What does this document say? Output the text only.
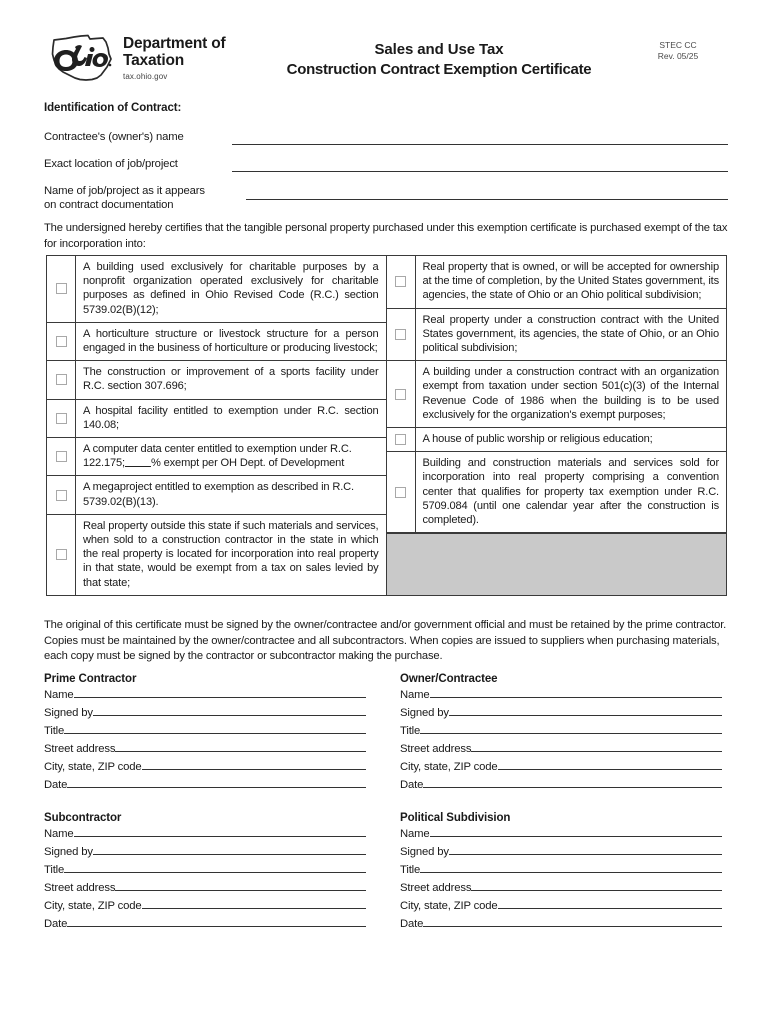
Department of
Taxation
tax.ohio.gov
Sales and Use Tax
Construction Contract Exemption Certificate
STEC CC
Rev. 05/25
Identification of Contract:
Contractee's (owner's) name
Exact location of job/project
Name of job/project as it appears
on contract documentation
The undersigned hereby certifies that the tangible personal property purchased under this exemption certificate is purchased exempt of the tax for incorporation into:
A building used exclusively for charitable purposes by a nonprofit organization operated exclusively for charitable purposes as defined in Ohio Revised Code (R.C.) section 5739.02(B)(12);
A horticulture structure or livestock structure for a person engaged in the business of horticulture or producing livestock;
The construction or improvement of a sports facility under R.C. section 307.696;
A hospital facility entitled to exemption under R.C. section 140.08;
A computer data center entitled to exemption under R.C. 122.175; % exempt per OH Dept. of Development
A megaproject entitled to exemption as described in R.C. 5739.02(B)(13).
Real property outside this state if such materials and services, when sold to a construction contractor in the state in which the real property is located for incorporation into real property in that state, would be exempt from a tax on sales levied by that state;
Real property that is owned, or will be accepted for ownership at the time of completion, by the United States government, its agencies, the state of Ohio or an Ohio political subdivision;
Real property under a construction contract with the United States government, its agencies, the state of Ohio, or an Ohio political subdivision;
A building under a construction contract with an organization exempt from taxation under section 501(c)(3) of the Internal Revenue Code of 1986 when the building is to be used exclusively for the organization's exempt purposes;
A house of public worship or religious education;
Building and construction materials and services sold for incorporation into real property comprising a convention center that qualifies for property tax exemption under R.C. 5709.084 (until one calendar year after the construction is completed).
The original of this certificate must be signed by the owner/contractee and/or government official and must be retained by the prime contractor. Copies must be maintained by the owner/contractee and all subcontractors. When copies are issued to suppliers when purchasing materials, each copy must be signed by the contractor or subcontractor making the purchase.
Prime Contractor
Name
Signed by
Title
Street address
City, state, ZIP code
Date
Owner/Contractee
Name
Signed by
Title
Street address
City, state, ZIP code
Date
Subcontractor
Name
Signed by
Title
Street address
City, state, ZIP code
Date
Political Subdivision
Name
Signed by
Title
Street address
City, state, ZIP code
Date
